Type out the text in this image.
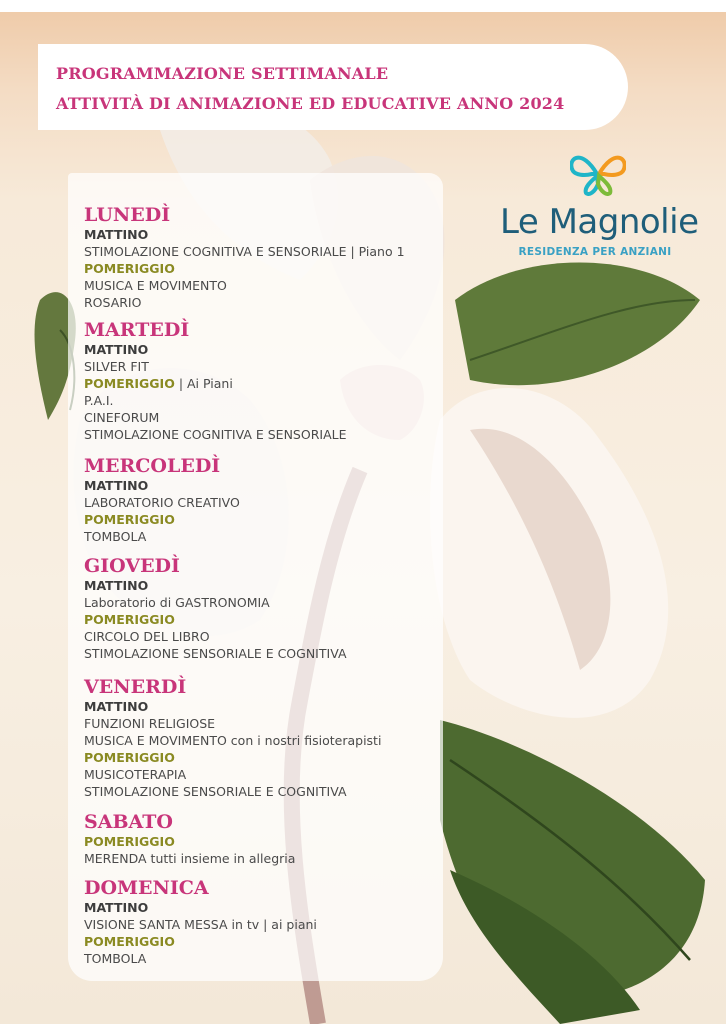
PROGRAMMAZIONE SETTIMANALE
ATTIVITÀ DI ANIMAZIONE ED EDUCATIVE ANNO 2024
Le Magnolie
RESIDENZA PER ANZIANI
LUNEDÌ
MATTINO
STIMOLAZIONE COGNITIVA E SENSORIALE | Piano 1
POMERIGGIO
MUSICA E MOVIMENTO
ROSARIO
MARTEDÌ
MATTINO
SILVER FIT
POMERIGGIO | Ai Piani
P.A.I.
CINEFORUM
STIMOLAZIONE COGNITIVA E SENSORIALE
MERCOLEDÌ
MATTINO
LABORATORIO CREATIVO
POMERIGGIO
TOMBOLA
GIOVEDÌ
MATTINO
Laboratorio di GASTRONOMIA
POMERIGGIO
CIRCOLO DEL LIBRO
STIMOLAZIONE SENSORIALE E COGNITIVA
VENERDÌ
MATTINO
FUNZIONI RELIGIOSE
MUSICA E MOVIMENTO con i nostri fisioterapisti
POMERIGGIO
MUSICOTERAPIA
STIMOLAZIONE SENSORIALE E COGNITIVA
SABATO
POMERIGGIO
MERENDA tutti insieme in allegria
DOMENICA
MATTINO
VISIONE SANTA MESSA in tv | ai piani
POMERIGGIO
TOMBOLA
